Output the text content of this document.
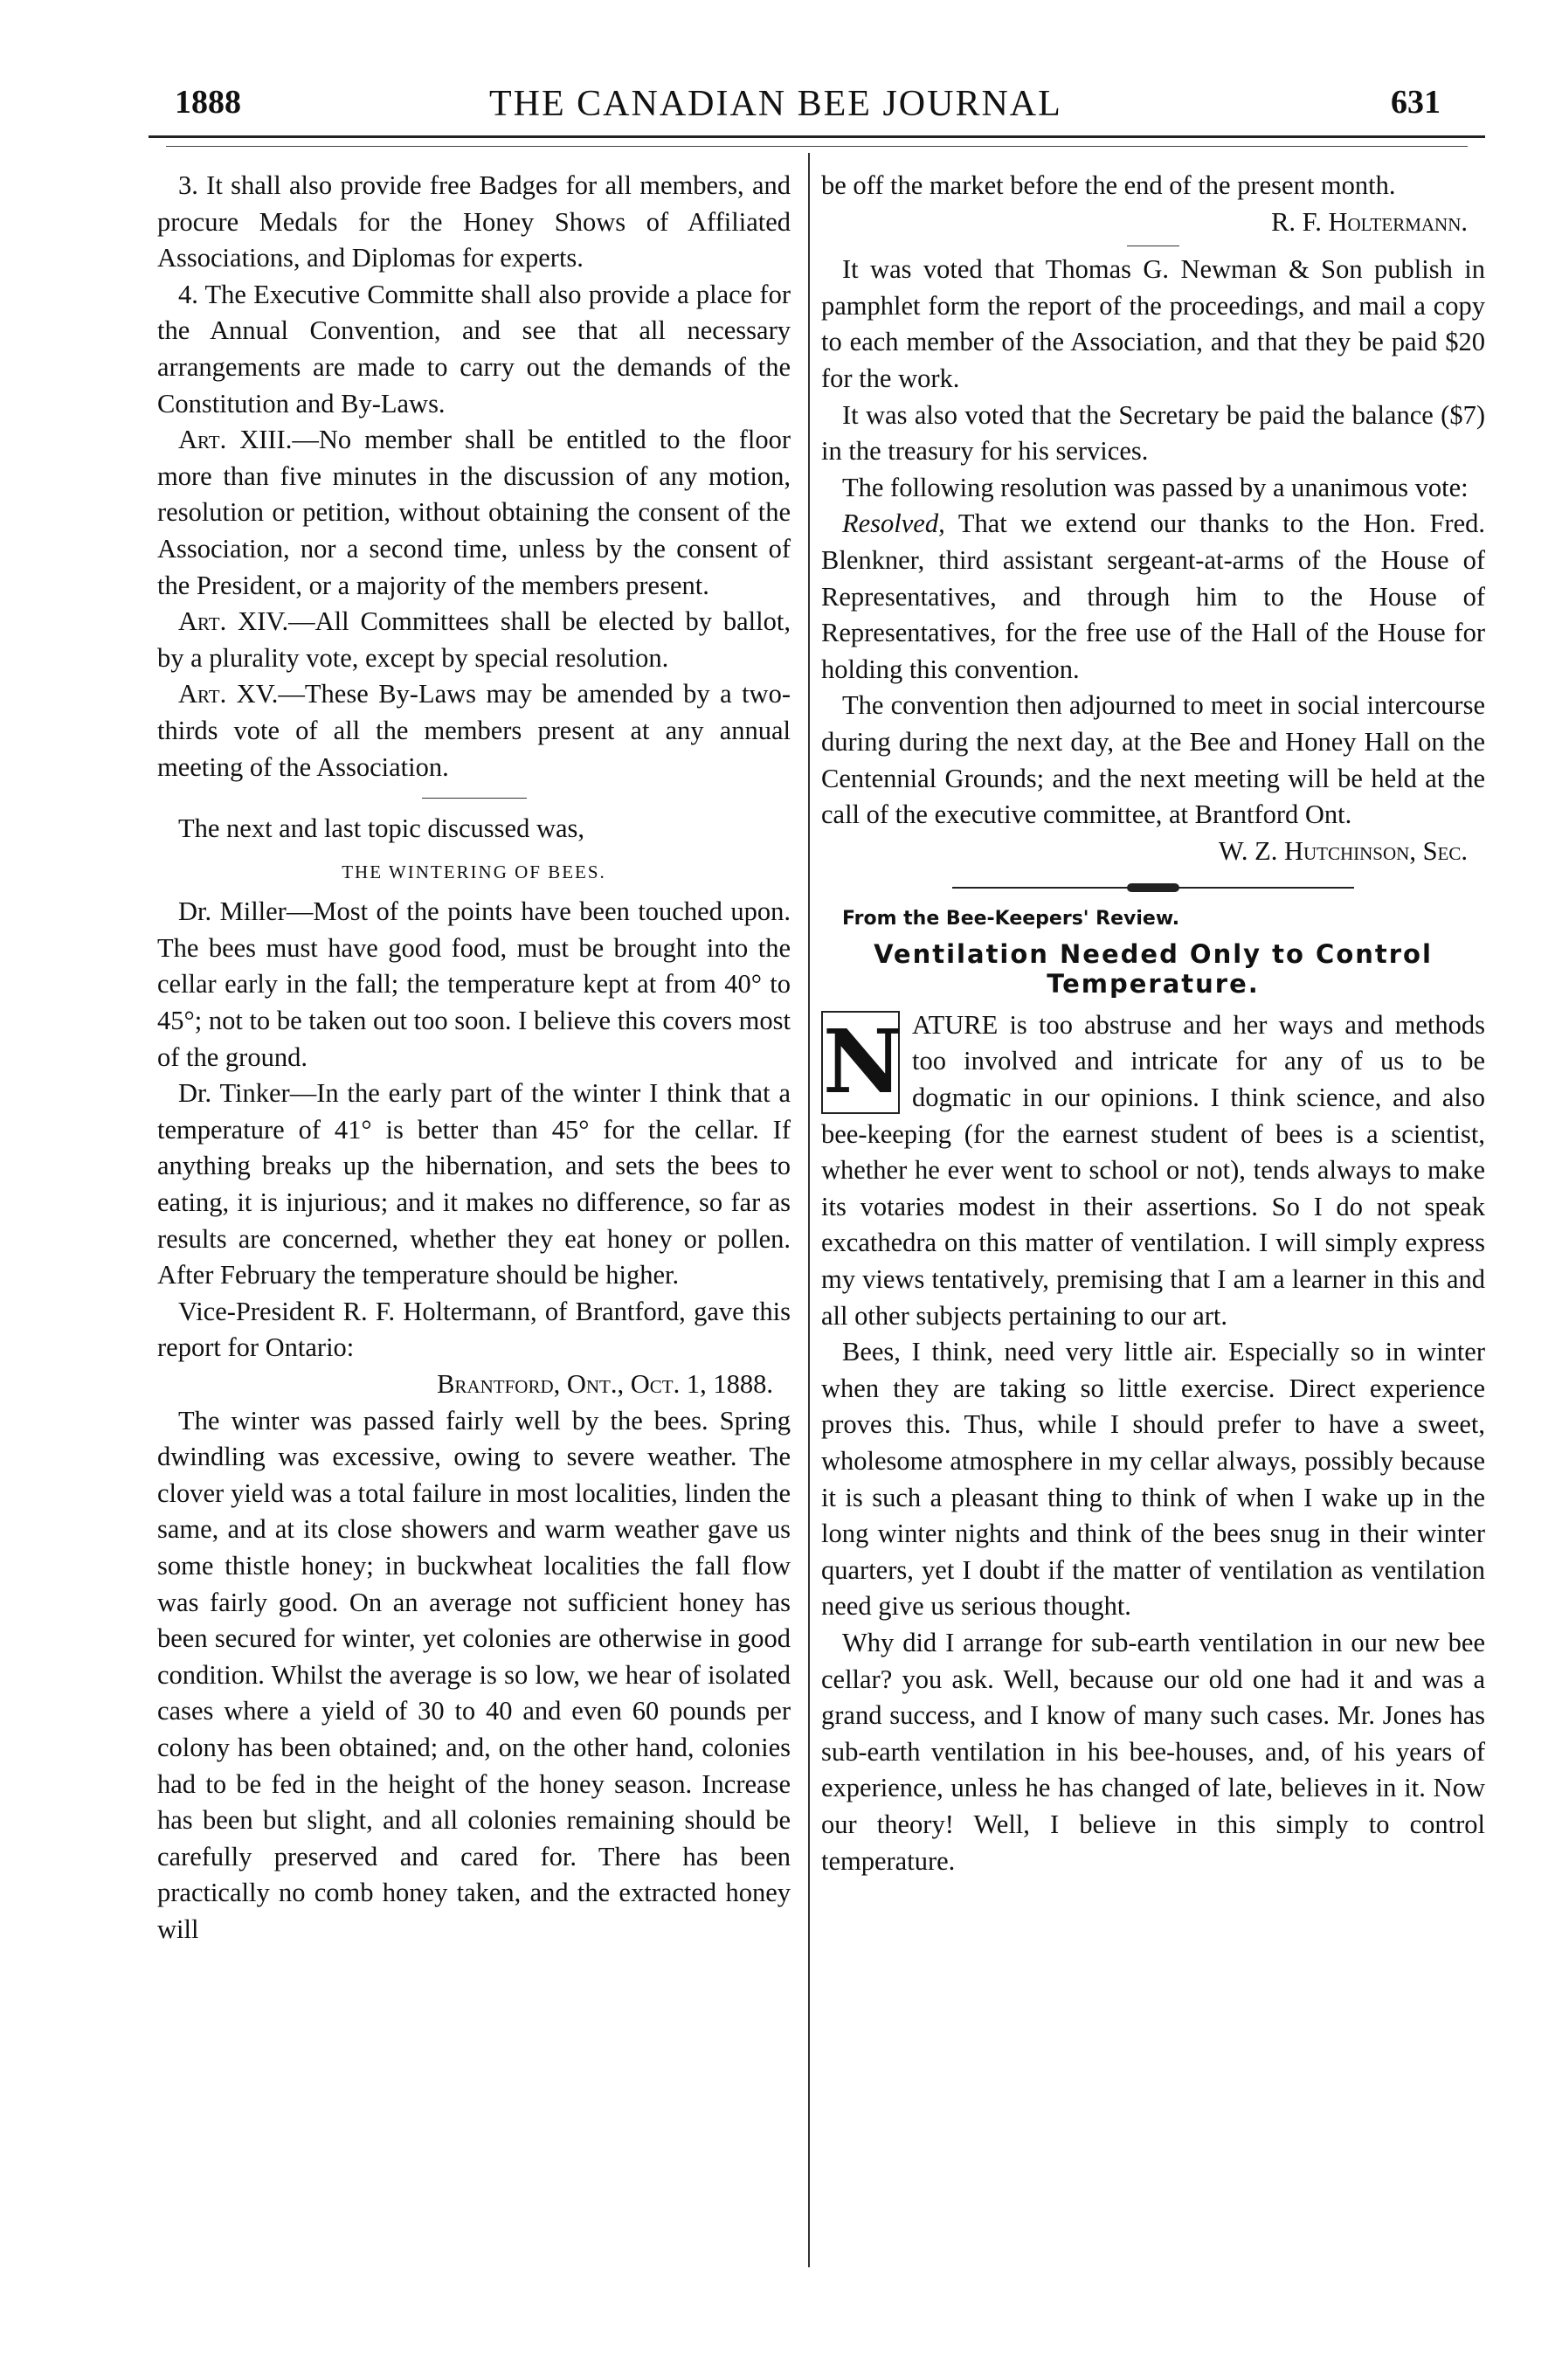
1888	THE CANADIAN BEE JOURNAL	631

3. It shall also provide free Badges for all members, and procure Medals for the Honey Shows of Affiliated Associations, and Diplomas for experts.

4. The Executive Committe shall also provide a place for the Annual Convention, and see that all necessary arrangements are made to carry out the demands of the Constitution and By-Laws.

Art. XIII.—No member shall be entitled to the floor more than five minutes in the discussion of any motion, resolution or petition, without obtaining the consent of the Association, nor a second time, unless by the consent of the President, or a majority of the members present.

Art. XIV.—All Committees shall be elected by ballot, by a plurality vote, except by special resolution.

Art. XV.—These By-Laws may be amended by a two-thirds vote of all the members present at any annual meeting of the Association.

The next and last topic discussed was,

THE WINTERING OF BEES.

Dr. Miller—Most of the points have been touched upon. The bees must have good food, must be brought into the cellar early in the fall; the temperature kept at from 40° to 45°; not to be taken out too soon. I believe this covers most of the ground.

Dr. Tinker—In the early part of the winter I think that a temperature of 41° is better than 45° for the cellar. If anything breaks up the hibernation, and sets the bees to eating, it is injurious; and it makes no difference, so far as results are concerned, whether they eat honey or pollen. After February the temperature should be higher.

Vice-President R. F. Holtermann, of Brantford, gave this report for Ontario:

Brantford, Ont., Oct. 1, 1888.

The winter was passed fairly well by the bees. Spring dwindling was excessive, owing to severe weather. The clover yield was a total failure in most localities, linden the same, and at its close showers and warm weather gave us some thistle honey; in buckwheat localities the fall flow was fairly good. On an average not sufficient honey has been secured for winter, yet colonies are otherwise in good condition. Whilst the average is so low, we hear of isolated cases where a yield of 30 to 40 and even 60 pounds per colony has been obtained; and, on the other hand, colonies had to be fed in the height of the honey season. Increase has been but slight, and all colonies remaining should be carefully preserved and cared for. There has been practically no comb honey taken, and the extracted honey will

be off the market before the end of the present month.

R. F. Holtermann.

It was voted that Thomas G. Newman & Son publish in pamphlet form the report of the proceedings, and mail a copy to each member of the Association, and that they be paid $20 for the work.

It was also voted that the Secretary be paid the balance ($7) in the treasury for his services.

The following resolution was passed by a unanimous vote:

Resolved, That we extend our thanks to the Hon. Fred. Blenkner, third assistant sergeant-at-arms of the House of Representatives, and through him to the House of Representatives, for the free use of the Hall of the House for holding this convention.

The convention then adjourned to meet in social intercourse during during the next day, at the Bee and Honey Hall on the Centennial Grounds; and the next meeting will be held at the call of the executive committee, at Brantford Ont.

W. Z. Hutchinson, Sec.

From the Bee-Keepers' Review.

Ventilation Needed Only to Control
Temperature.
N ATURE is too abstruse and her ways and methods too involved and intricate for any of us to be dogmatic in our opinions. I think science, and also bee-keeping (for the earnest student of bees is a scientist, whether he ever went to school or not), tends always to make its votaries modest in their assertions. So I do not speak excathedra on this matter of ventilation. I will simply express my views tentatively, premising that I am a learner in this and all other subjects pertaining to our art.

Bees, I think, need very little air. Especially so in winter when they are taking so little exercise. Direct experience proves this. Thus, while I should prefer to have a sweet, wholesome atmosphere in my cellar always, possibly because it is such a pleasant thing to think of when I wake up in the long winter nights and think of the bees snug in their winter quarters, yet I doubt if the matter of ventilation as ventilation need give us serious thought.

Why did I arrange for sub-earth ventilation in our new bee cellar? you ask. Well, because our old one had it and was a grand success, and I know of many such cases. Mr. Jones has sub-earth ventilation in his bee-houses, and, of his years of experience, unless he has changed of late, believes in it. Now our theory! Well, I believe in this simply to control temperature.
